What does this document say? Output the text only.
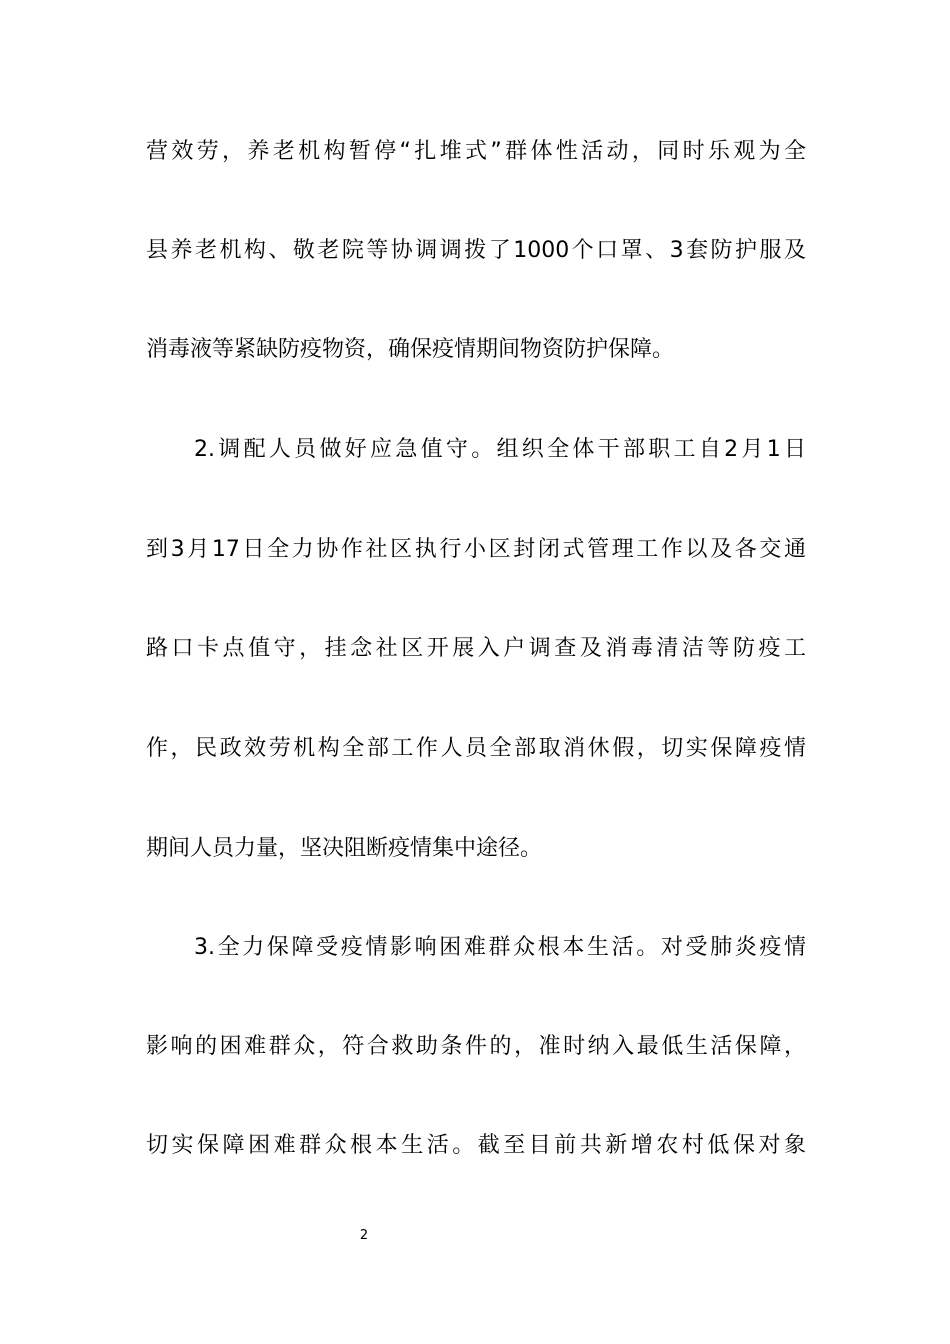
营效劳，养老机构暂停“扎堆式”群体性活动，同时乐观为全
县养老机构、敬老院等协调调拨了1000个口罩、3套防护服及
消毒液等紧缺防疫物资，确保疫情期间物资防护保障。
2.调配人员做好应急值守。组织全体干部职工自2月1日
到3月17日全力协作社区执行小区封闭式管理工作以及各交通
路口卡点值守，挂念社区开展入户调查及消毒清洁等防疫工
作，民政效劳机构全部工作人员全部取消休假，切实保障疫情
期间人员力量，坚决阻断疫情集中途径。
3.全力保障受疫情影响困难群众根本生活。对受肺炎疫情
影响的困难群众，符合救助条件的，准时纳入最低生活保障，
切实保障困难群众根本生活。截至目前共新增农村低保对象
2
